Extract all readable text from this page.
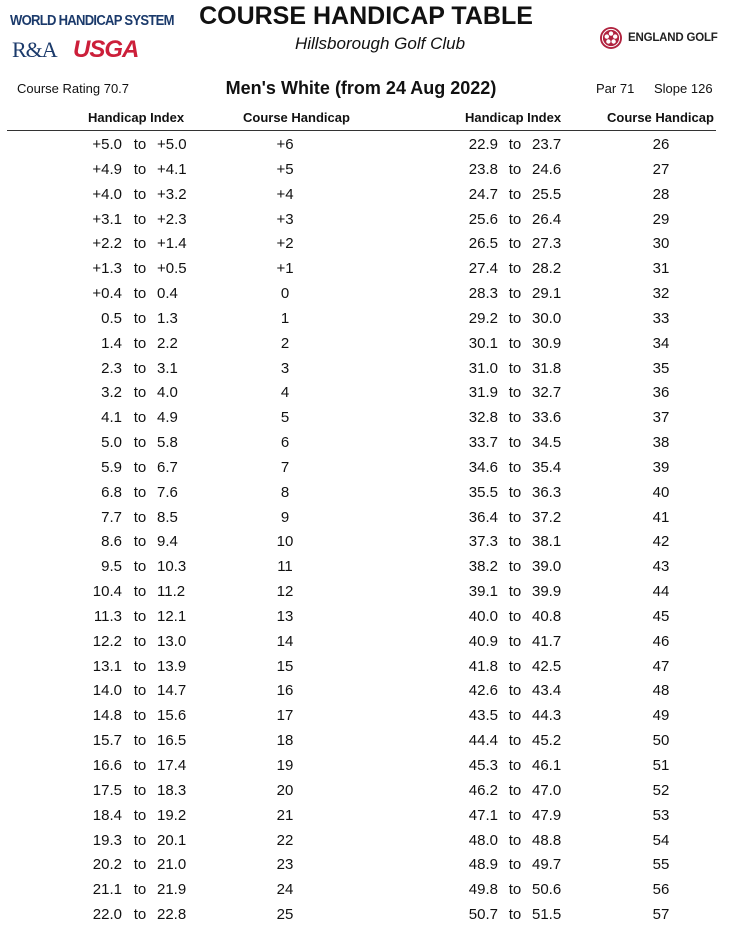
WORLD HANDICAP SYSTEM
R&A USGA	ENGLAND GOLF
COURSE HANDICAP TABLE
Hillsborough Golf Club
Course Rating 70.7	Men's White (from 24 Aug 2022)	Par 71 Slope 126
Handicap Index	Course Handicap	Handicap Index	Course Handicap
+5.0 to +5.0	+6	22.9 to 23.7	26
+4.9 to +4.1	+5	23.8 to 24.6	27
+4.0 to +3.2	+4	24.7 to 25.5	28
+3.1 to +2.3	+3	25.6 to 26.4	29
+2.2 to +1.4	+2	26.5 to 27.3	30
+1.3 to +0.5	+1	27.4 to 28.2	31
+0.4 to 0.4	0	28.3 to 29.1	32
0.5 to 1.3	1	29.2 to 30.0	33
1.4 to 2.2	2	30.1 to 30.9	34
2.3 to 3.1	3	31.0 to 31.8	35
3.2 to 4.0	4	31.9 to 32.7	36
4.1 to 4.9	5	32.8 to 33.6	37
5.0 to 5.8	6	33.7 to 34.5	38
5.9 to 6.7	7	34.6 to 35.4	39
6.8 to 7.6	8	35.5 to 36.3	40
7.7 to 8.5	9	36.4 to 37.2	41
8.6 to 9.4	10	37.3 to 38.1	42
9.5 to 10.3	11	38.2 to 39.0	43
10.4 to 11.2	12	39.1 to 39.9	44
11.3 to 12.1	13	40.0 to 40.8	45
12.2 to 13.0	14	40.9 to 41.7	46
13.1 to 13.9	15	41.8 to 42.5	47
14.0 to 14.7	16	42.6 to 43.4	48
14.8 to 15.6	17	43.5 to 44.3	49
15.7 to 16.5	18	44.4 to 45.2	50
16.6 to 17.4	19	45.3 to 46.1	51
17.5 to 18.3	20	46.2 to 47.0	52
18.4 to 19.2	21	47.1 to 47.9	53
19.3 to 20.1	22	48.0 to 48.8	54
20.2 to 21.0	23	48.9 to 49.7	55
21.1 to 21.9	24	49.8 to 50.6	56
22.0 to 22.8	25	50.7 to 51.5	57
